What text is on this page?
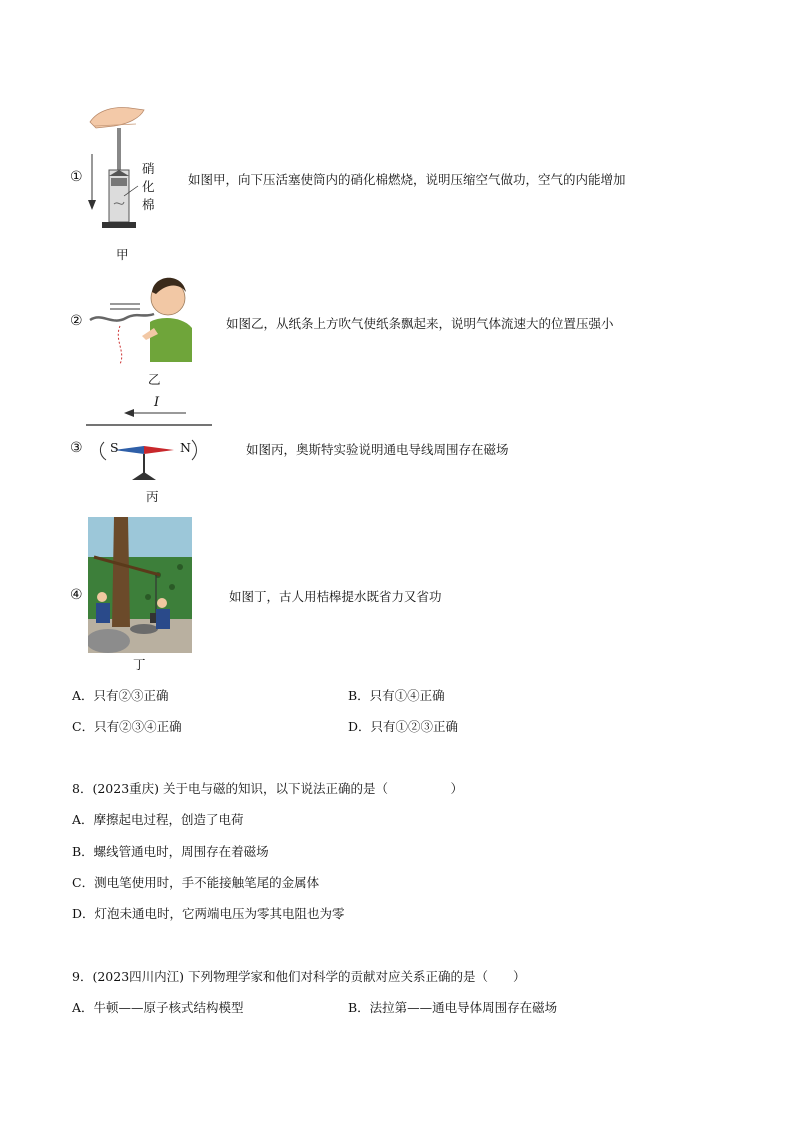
①
硝化棉
甲
如图甲，向下压活塞使筒内的硝化棉燃烧，说明压缩空气做功，空气的内能增加
②
乙
如图乙，从纸条上方吹气使纸条飘起来，说明气体流速大的位置压强小
③
I
S	N
丙
如图丙，奥斯特实验说明通电导线周围存在磁场
④
丁
如图丁，古人用桔槔提水既省力又省功
A．只有②③正确	B．只有①④正确
C．只有②③④正确	D．只有①②③正确
8．(2023重庆) 关于电与磁的知识，以下说法正确的是（　　　　　）
A．摩擦起电过程，创造了电荷
B．螺线管通电时，周围存在着磁场
C．测电笔使用时，手不能接触笔尾的金属体
D．灯泡未通电时，它两端电压为零其电阻也为零
9．(2023四川内江) 下列物理学家和他们对科学的贡献对应关系正确的是（　　）
A．牛顿——原子核式结构模型	B．法拉第——通电导体周围存在磁场
